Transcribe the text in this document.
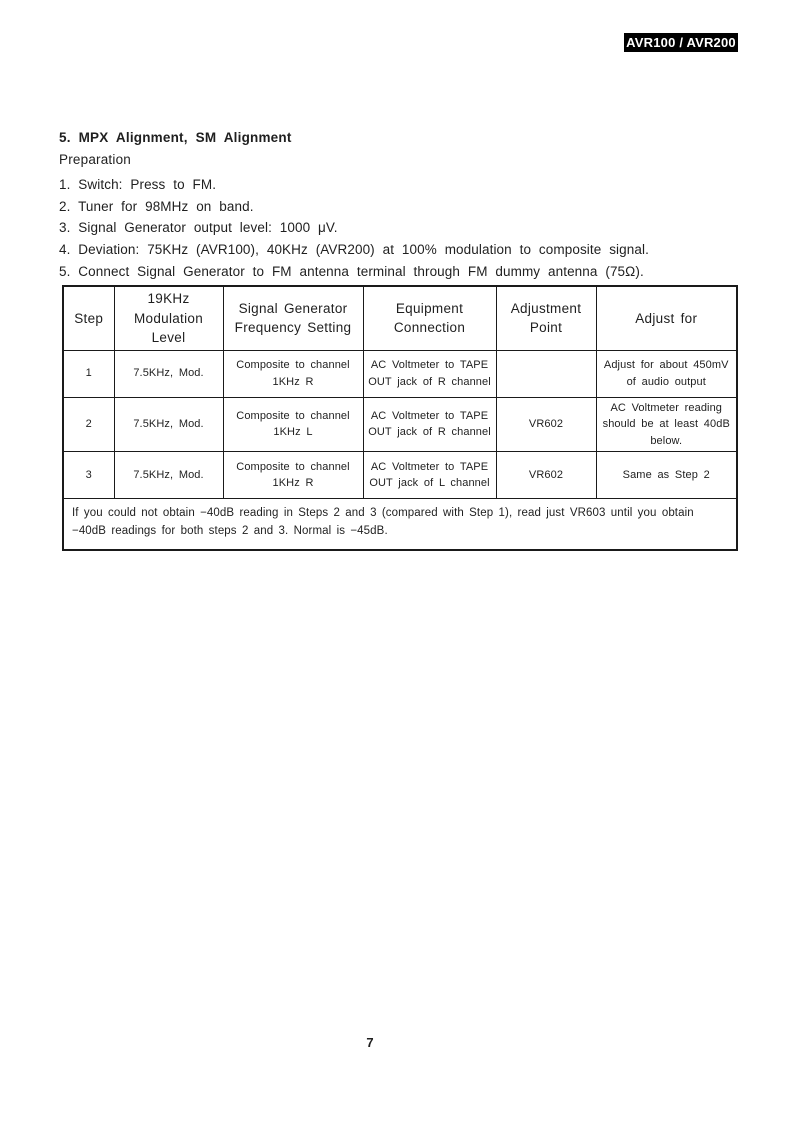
AVR100 / AVR200
5. MPX Alignment, SM Alignment
Preparation
1. Switch: Press to FM.
2. Tuner for 98MHz on band.
3. Signal Generator output level: 1000 μV.
4. Deviation: 75KHz (AVR100), 40KHz (AVR200) at 100% modulation to composite signal.
5. Connect Signal Generator to FM antenna terminal through FM dummy antenna (75Ω).
Step	19KHz Modulation Level	Signal Generator Frequency Setting	Equipment Connection	Adjustment Point	Adjust for
1	7.5KHz, Mod.	Composite to channel 1KHz R	AC Voltmeter to TAPE OUT jack of R channel		Adjust for about 450mV of audio output
2	7.5KHz, Mod.	Composite to channel 1KHz L	AC Voltmeter to TAPE OUT jack of R channel	VR602	AC Voltmeter reading should be at least 40dB below.
3	7.5KHz, Mod.	Composite to channel 1KHz R	AC Voltmeter to TAPE OUT jack of L channel	VR602	Same as Step 2

If you could not obtain −40dB reading in Steps 2 and 3 (compared with Step 1), read just VR603 until you obtain
−40dB readings for both steps 2 and 3. Normal is −45dB.					
7
